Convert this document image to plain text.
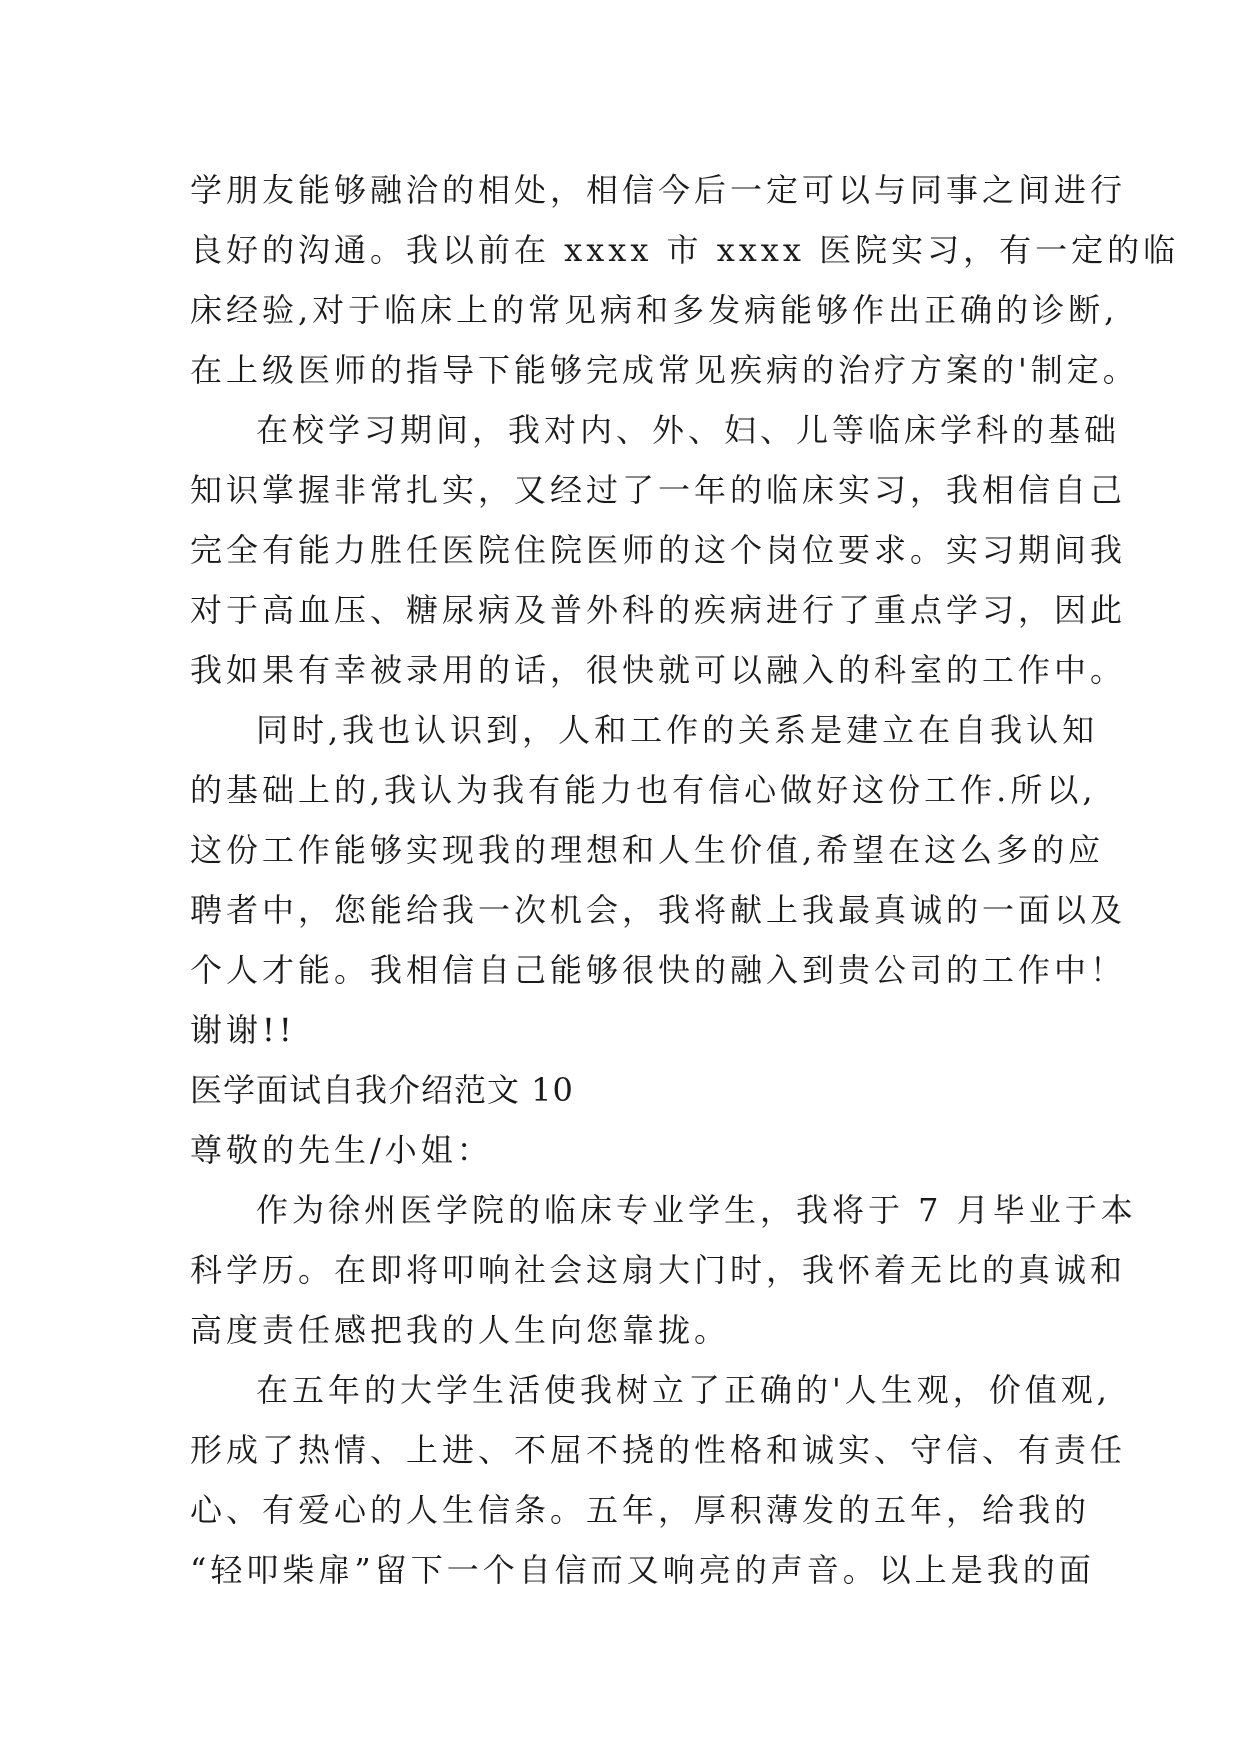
学朋友能够融洽的相处，相信今后一定可以与同事之间进行
良好的沟通。我以前在 xxxx 市 xxxx 医院实习，有一定的临
床经验,对于临床上的常见病和多发病能够作出正确的诊断,
在上级医师的指导下能够完成常见疾病的治疗方案的'制定。
在校学习期间，我对内、外、妇、儿等临床学科的基础
知识掌握非常扎实，又经过了一年的临床实习，我相信自己
完全有能力胜任医院住院医师的这个岗位要求。实习期间我
对于高血压、糖尿病及普外科的疾病进行了重点学习，因此
我如果有幸被录用的话，很快就可以融入的科室的工作中。
同时,我也认识到，人和工作的关系是建立在自我认知
的基础上的,我认为我有能力也有信心做好这份工作.所以,
这份工作能够实现我的理想和人生价值,希望在这么多的应
聘者中，您能给我一次机会，我将献上我最真诚的一面以及
个人才能。我相信自己能够很快的融入到贵公司的工作中！
谢谢!!
医学面试自我介绍范文 10
尊敬的先生/小姐：
作为徐州医学院的临床专业学生，我将于 7 月毕业于本
科学历。在即将叩响社会这扇大门时，我怀着无比的真诚和
高度责任感把我的人生向您靠拢。
在五年的大学生活使我树立了正确的'人生观，价值观,
形成了热情、上进、不屈不挠的性格和诚实、守信、有责任
心、有爱心的人生信条。五年，厚积薄发的五年，给我的
“轻叩柴扉”留下一个自信而又响亮的声音。以上是我的面
